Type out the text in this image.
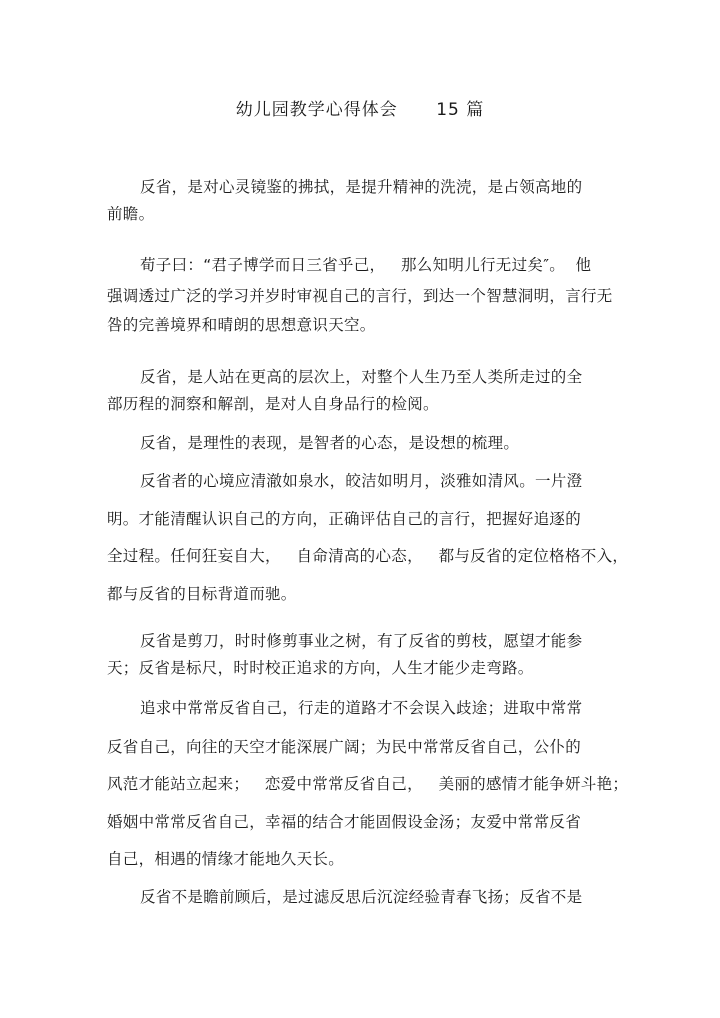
幼儿园教学心得体会      15 篇
反省，是对心灵镜鉴的拂拭，是提升精神的洗涜，是占领高地的
前瞻。
荀子曰：“君子博学而日三省乎己，   那么知明儿行无过矣″。  他
强调透过广泛的学习并岁时审视自己的言行，到达一个智慧洞明，言行无
咎的完善境界和晴朗的思想意识天空。
反省，是人站在更高的层次上，对整个人生乃至人类所走过的全
部历程的洞察和解剖，是对人自身品行的检阅。
反省，是理性的表现，是智者的心态，是设想的梳理。
反省者的心境应清澈如泉水，皎洁如明月，淡雅如清风。一片澄
明。才能清醒认识自己的方向，正确评估自己的言行，把握好追逐的
全过程。任何狂妄自大，   自命清高的心态，   都与反省的定位格格不入，
都与反省的目标背道而驰。
反省是剪刀，时时修剪事业之树，有了反省的剪枝，愿望才能参
天；反省是标尺，时时校正追求的方向，人生才能少走弯路。
追求中常常反省自己，行走的道路才不会误入歧途；进取中常常
反省自己，向往的天空才能深展广阔；为民中常常反省自己，公仆的
风范才能站立起来；   恋爱中常常反省自己，   美丽的感情才能争妍斗艳；
婚姻中常常反省自己，幸福的结合才能固假设金汤；友爱中常常反省
自己，相遇的情缘才能地久天长。
反省不是瞻前顾后，是过滤反思后沉淀经验青春飞扬；反省不是
